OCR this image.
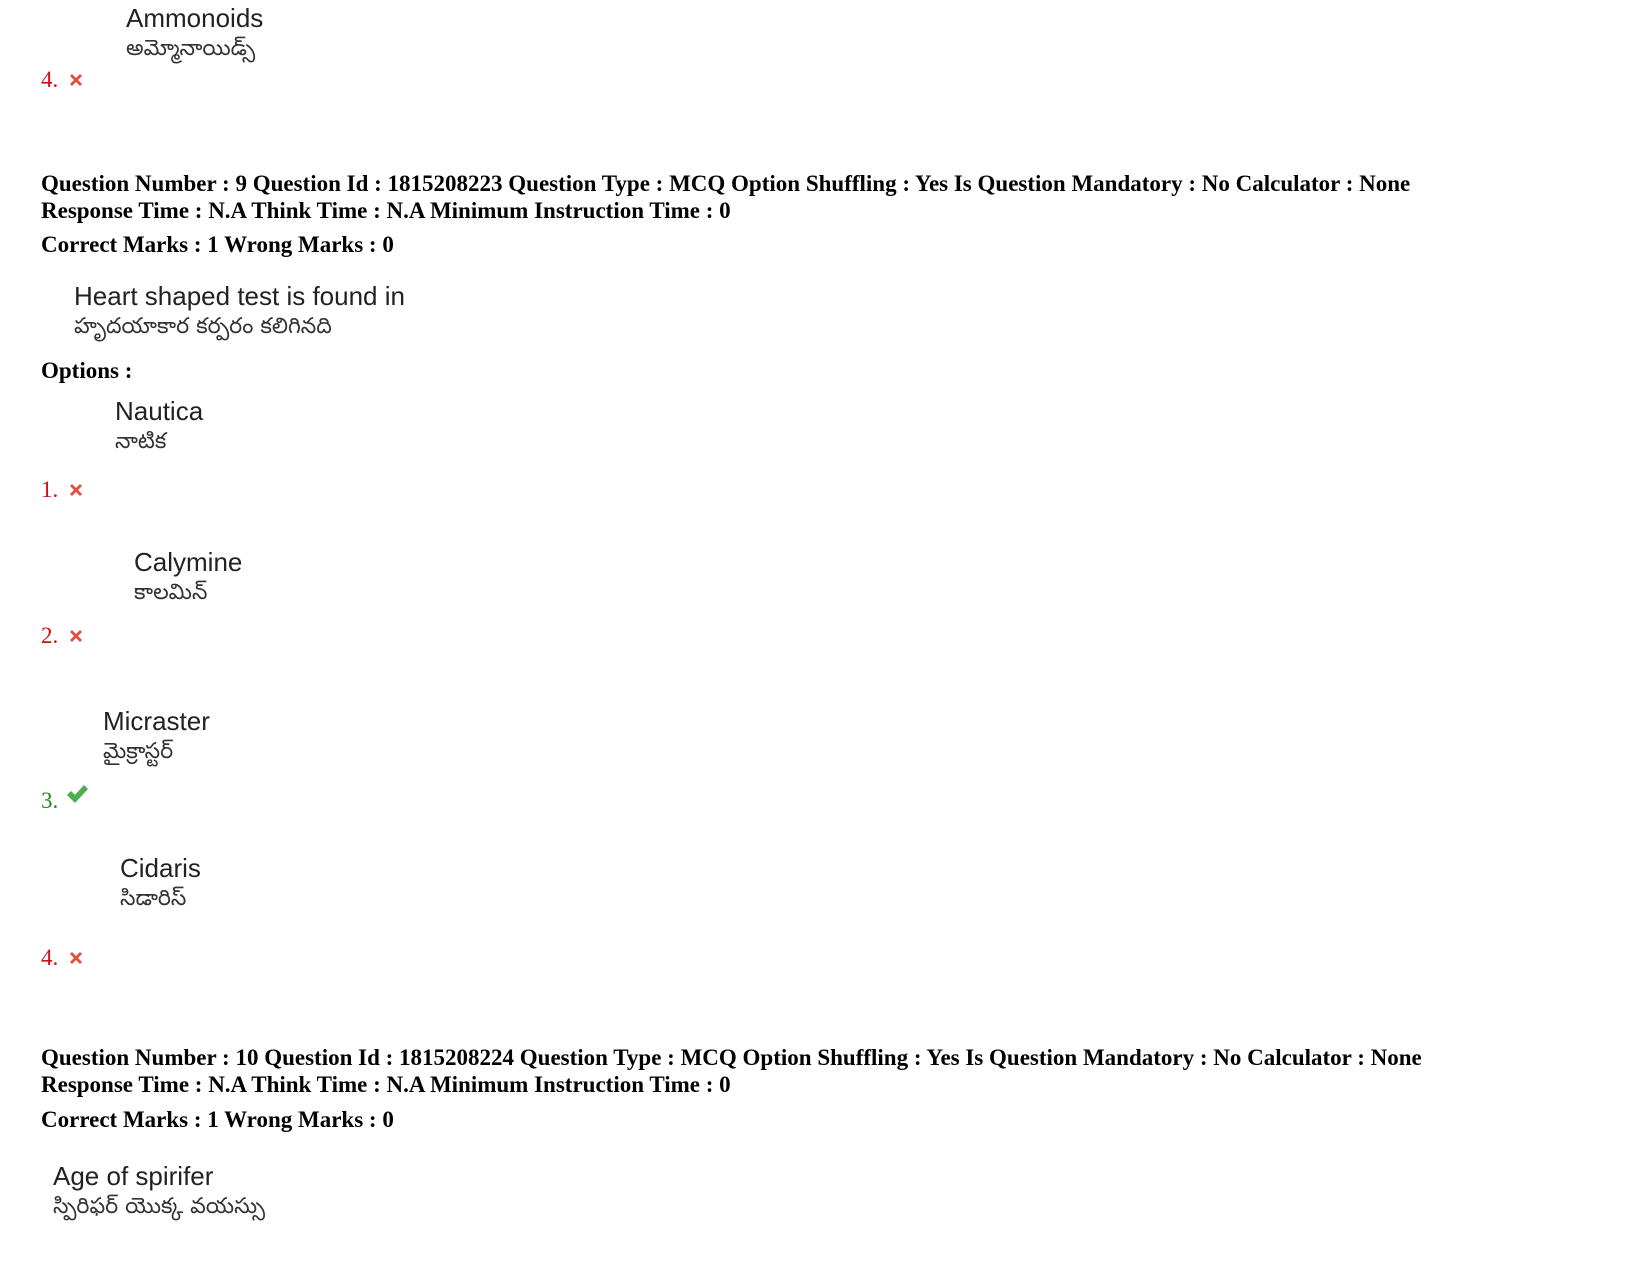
Ammonoids
అమ్మోనాయిడ్స్
4.
Question Number : 9 Question Id : 1815208223 Question Type : MCQ Option Shuffling : Yes Is Question Mandatory : No Calculator : None
Response Time : N.A Think Time : N.A Minimum Instruction Time : 0
Correct Marks : 1 Wrong Marks : 0
Heart shaped test is found in
హృదయాకార కర్పరం కలిగినది
Options :
Nautica
నాటిక
1.
Calymine
కాలమిన్
2.
Micraster
మైక్రాస్టర్
3.
Cidaris
సిడారిస్
4.
Question Number : 10 Question Id : 1815208224 Question Type : MCQ Option Shuffling : Yes Is Question Mandatory : No Calculator : None
Response Time : N.A Think Time : N.A Minimum Instruction Time : 0
Correct Marks : 1 Wrong Marks : 0
Age of spirifer
స్పిరిఫర్ యొక్క వయస్సు
